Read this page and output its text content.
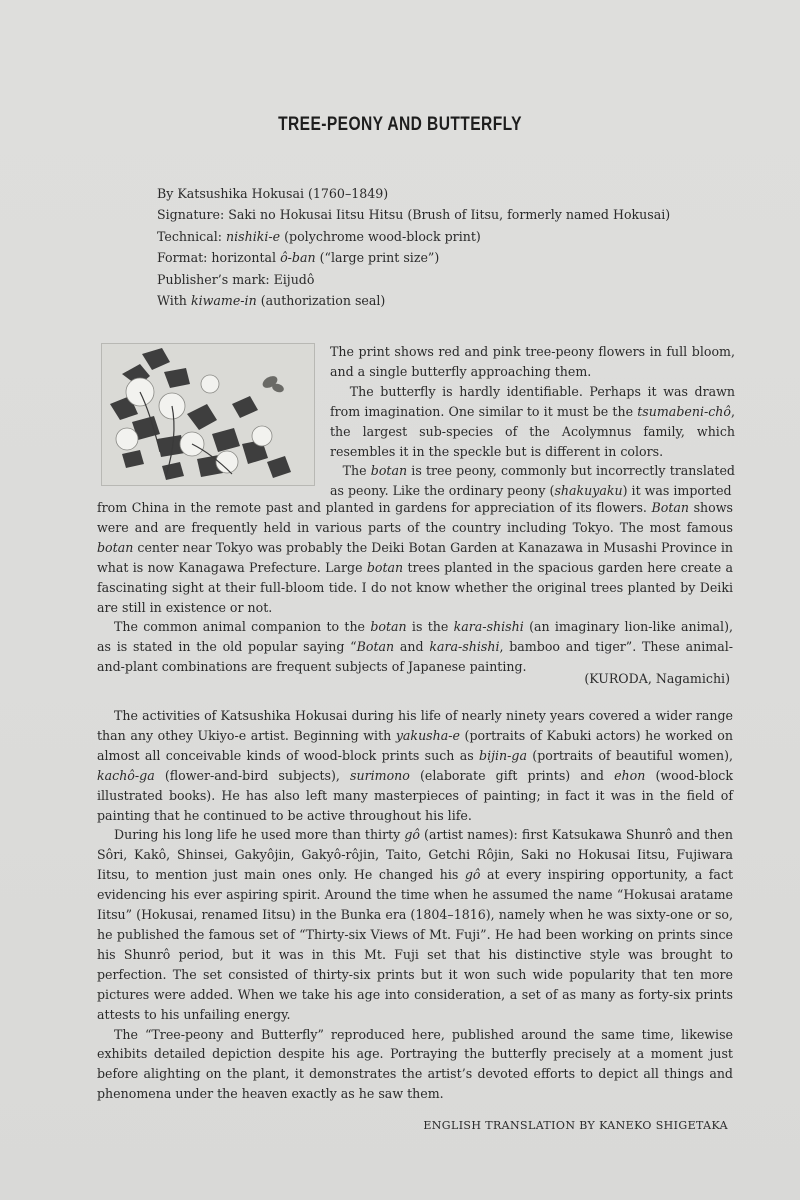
TREE-PEONY AND BUTTERFLY
By Katsushika Hokusai (1760–1849)
Signature: Saki no Hokusai Iitsu Hitsu (Brush of Iitsu, formerly named Hokusai)
Technical: nishiki-e (polychrome wood-block print)
Format: horizontal ô-ban (“large print size”)
Publisher’s mark: Eijudô
With kiwame-in (authorization seal)

The print shows red and pink tree-peony flowers in full bloom, and a single butterfly approaching them.

The butterfly is hardly identifiable. Perhaps it was drawn from imagination. One similar to it must be the tsumabeni-chô, the largest sub-species of the Acolymnus family, which resembles it in the speckle but is different in colors.

The botan is tree peony, commonly but incorrectly translated as peony. Like the ordinary peony (shakuyaku) it was imported

from China in the remote past and planted in gardens for appreciation of its flowers. Botan shows were and are frequently held in various parts of the country including Tokyo. The most famous botan center near Tokyo was probably the Deiki Botan Garden at Kanazawa in Musashi Province in what is now Kanagawa Prefecture. Large botan trees planted in the spacious garden here create a fascinating sight at their full-bloom tide. I do not know whether the original trees planted by Deiki are still in existence or not.

The common animal companion to the botan is the kara-shishi (an imaginary lion-like animal), as is stated in the old popular saying “Botan and kara-shishi, bamboo and tiger”. These animal-and-plant combinations are frequent subjects of Japanese painting.

(KURODA, Nagamichi)

The activities of Katsushika Hokusai during his life of nearly ninety years covered a wider range than any othey Ukiyo-e artist. Beginning with yakusha-e (portraits of Kabuki actors) he worked on almost all conceivable kinds of wood-block prints such as bijin-ga (portraits of beautiful women), kachô-ga (flower-and-bird subjects), surimono (elaborate gift prints) and ehon (wood-block illustrated books). He has also left many masterpieces of painting; in fact it was in the field of painting that he continued to be active throughout his life.

During his long life he used more than thirty gô (artist names): first Katsukawa Shunrô and then Sôri, Kakô, Shinsei, Gakyôjin, Gakyô-rôjin, Taito, Getchi Rôjin, Saki no Hokusai Iitsu, Fujiwara Iitsu, to mention just main ones only. He changed his gô at every inspiring opportunity, a fact evidencing his ever aspiring spirit. Around the time when he assumed the name “Hokusai aratame Iitsu” (Hokusai, renamed Iitsu) in the Bunka era (1804–1816), namely when he was sixty-one or so, he published the famous set of “Thirty-six Views of Mt. Fuji”. He had been working on prints since his Shunrô period, but it was in this Mt. Fuji set that his distinctive style was brought to perfection. The set consisted of thirty-six prints but it won such wide popularity that ten more pictures were added. When we take his age into consideration, a set of as many as forty-six prints attests to his unfailing energy.

The “Tree-peony and Butterfly” reproduced here, published around the same time, likewise exhibits detailed depiction despite his age. Portraying the butterfly precisely at a moment just before alighting on the plant, it demonstrates the artist’s devoted efforts to depict all things and phenomena under the heaven exactly as he saw them.

ENGLISH TRANSLATION BY KANEKO SHIGETAKA
